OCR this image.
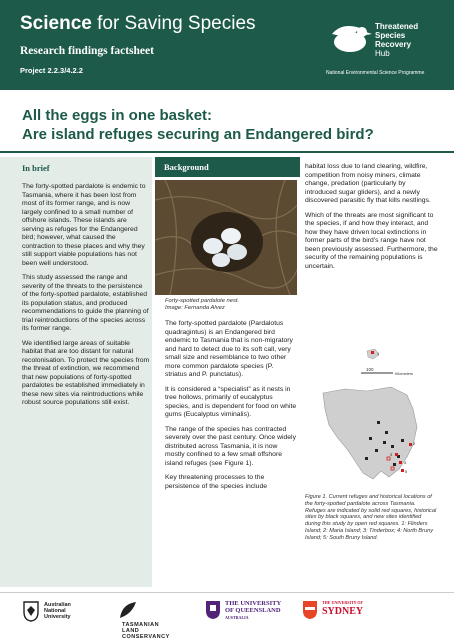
Science for Saving Species
Research findings factsheet
Project 2.2.3/4.2.2
Threatened
Species
Recovery
Hub
National Environmental Science Programme
All the eggs in one basket:
Are island refuges securing an Endangered bird?
In brief

The forty-spotted pardalote is endemic to Tasmania, where it has been lost from most of its former range, and is now largely confined to a small number of offshore islands. These islands are serving as refuges for the Endangered bird; however, what caused the contraction to these places and why they still support viable populations has not been well understood.

This study assessed the range and severity of the threats to the persistence of the forty-spotted pardalote, established its population status, and produced recommendations to guide the planning of trial reintroductions of the species across its former range.

We identified large areas of suitable habitat that are too distant for natural recolonisation. To protect the species from the threat of extinction, we recommend that new populations of forty-spotted pardalotes be established immediately in these new sites via reintroductions while robust source populations still exist.

Background
Forty-spotted pardalote nest.
Image: Fernanda Alvez

The forty-spotted pardalote (Pardalotus quadragintus) is an Endangered bird endemic to Tasmania that is non-migratory and hard to detect due to its soft call, very small size and resemblance to two other more common pardalote species (P. striatus and P. punctatus).

It is considered a “specialist” as it nests in tree hollows, primarily of eucalyptus species, and is dependent for food on white gums (Eucalyptus viminalis).

The range of the species has contracted severely over the past century. Once widely distributed across Tasmania, it is now mostly confined to a few small offshore island refuges (see Figure 1).

Key threatening processes to the persistence of the species include

habitat loss due to land clearing, wildfire, competition from noisy miners, climate change, predation (particularly by introduced sugar gliders), and a newly discovered parasitic fly that kills nestlings.

Which of the threats are most significant to the species, if and how they interact, and how they have driven local extinctions in former parts of the bird’s range have not been previously assessed. Furthermore, the security of the remaining populations is uncertain.

100
Kilometers
1
2
3
4
5
Figure 1. Current refuges and historical locations of the forty-spotted pardalote across Tasmania. Refuges are indicated by solid red squares, historical sites by black squares, and new sites identified during this study by open red squares. 1: Flinders Island; 2: Maria Island; 3: Tinderbox; 4: North Bruny Island; 5: South Bruny Island.
Australian National University
TASMANIAN
LAND
CONSERVANCY
THE UNIVERSITY
OF QUEENSLAND
AUSTRALIA
THE UNIVERSITY OF
SYDNEY
